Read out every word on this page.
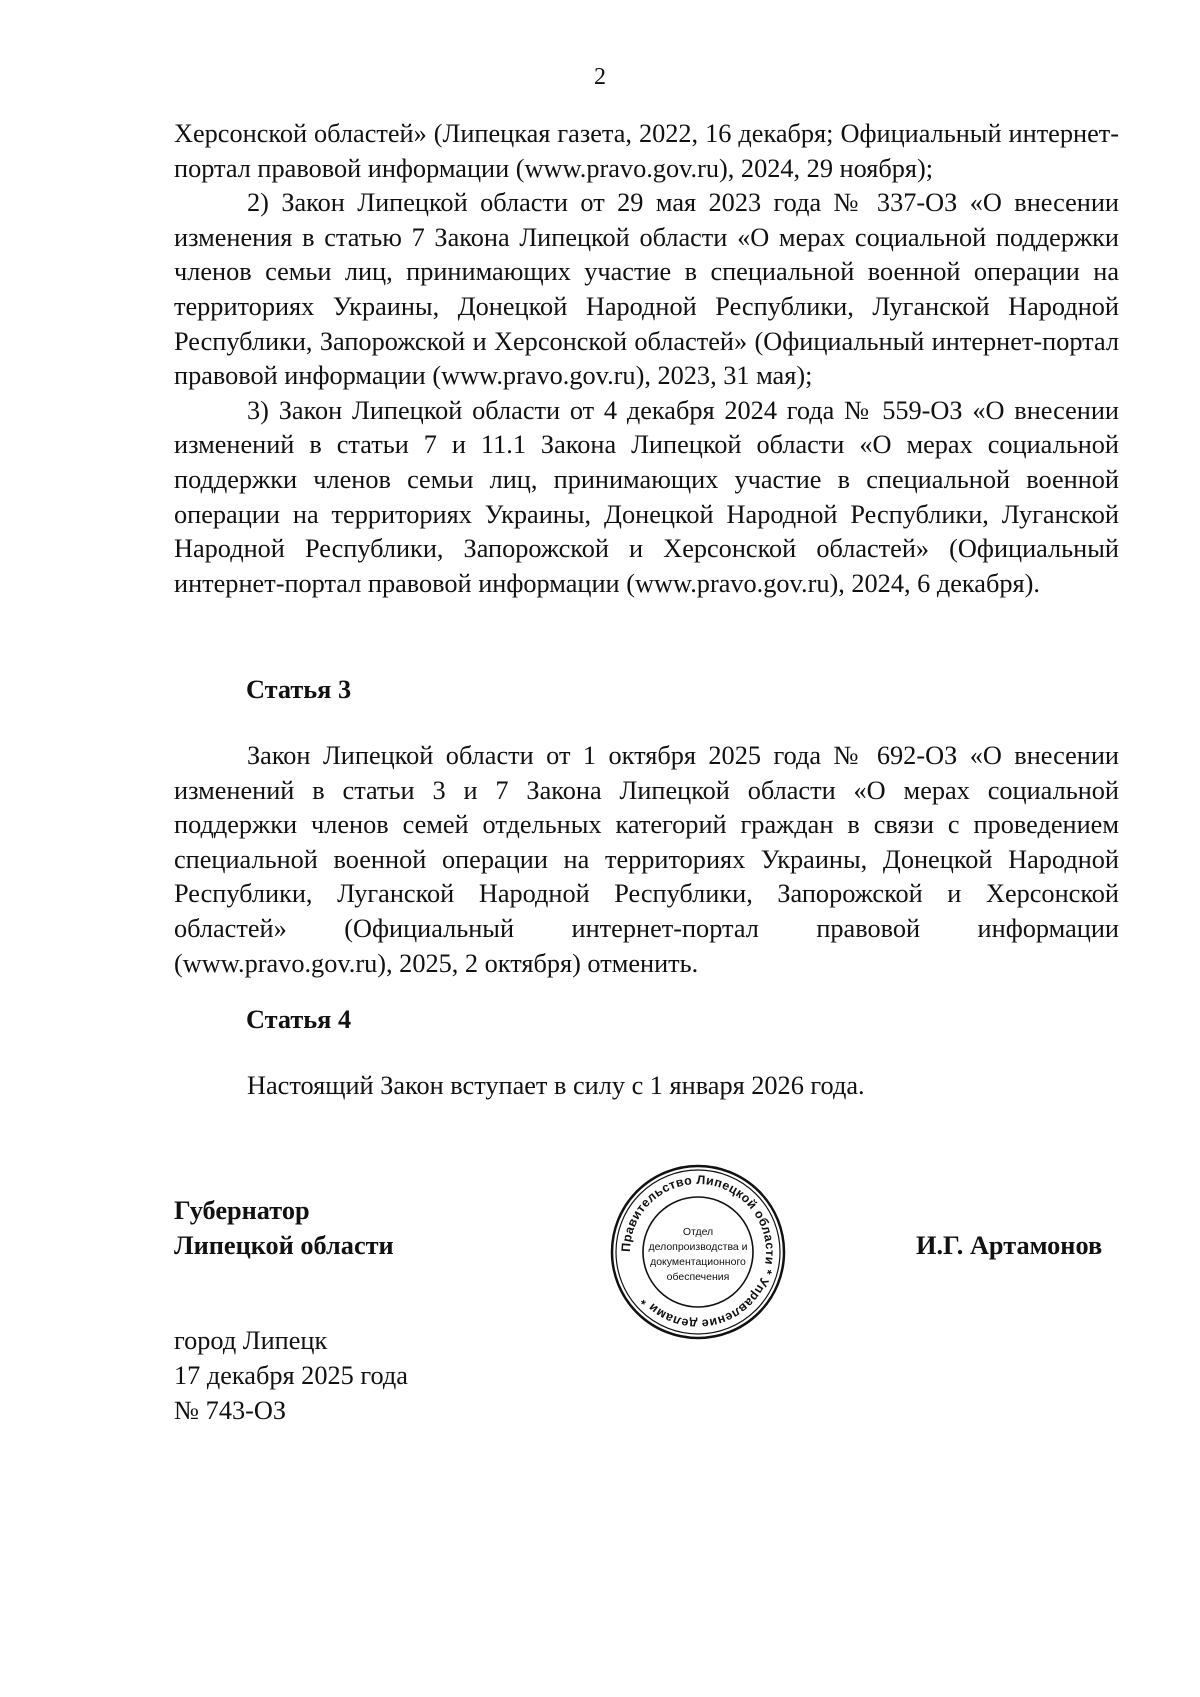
2

Херсонской областей» (Липецкая газета, 2022, 16 декабря; Официальный интернет-портал правовой информации (www.pravo.gov.ru), 2024, 29 ноября);

2) Закон Липецкой области от 29 мая 2023 года № 337-ОЗ «О внесении изменения в статью 7 Закона Липецкой области «О мерах социальной поддержки членов семьи лиц, принимающих участие в специальной военной операции на территориях Украины, Донецкой Народной Республики, Луганской Народной Республики, Запорожской и Херсонской областей» (Официальный интернет-портал правовой информации (www.pravo.gov.ru), 2023, 31 мая);

3) Закон Липецкой области от 4 декабря 2024 года № 559-ОЗ «О внесении изменений в статьи 7 и 11.1 Закона Липецкой области «О мерах социальной поддержки членов семьи лиц, принимающих участие в специальной военной операции на территориях Украины, Донецкой Народной Республики, Луганской Народной Республики, Запорожской и Херсонской областей» (Официальный интернет-портал правовой информации (www.pravo.gov.ru), 2024, 6 декабря).

Статья 3

Закон Липецкой области от 1 октября 2025 года № 692-ОЗ «О внесении изменений в статьи 3 и 7 Закона Липецкой области «О мерах социальной поддержки членов семей отдельных категорий граждан в связи с проведением специальной военной операции на территориях Украины, Донецкой Народной Республики, Луганской Народной Республики, Запорожской и Херсонской областей» (Официальный интернет-портал правовой информации (www.pravo.gov.ru), 2025, 2 октября) отменить.

Статья 4

Настоящий Закон вступает в силу с 1 января 2026 года.

Губернатор
Липецкой области	Правительство Липецкой области * Управление делами *
Отдел
делопроизводства и
документационного
обеспечения
И.Г. Артамонов
город Липецк
17 декабря 2025 года
№ 743-ОЗ
